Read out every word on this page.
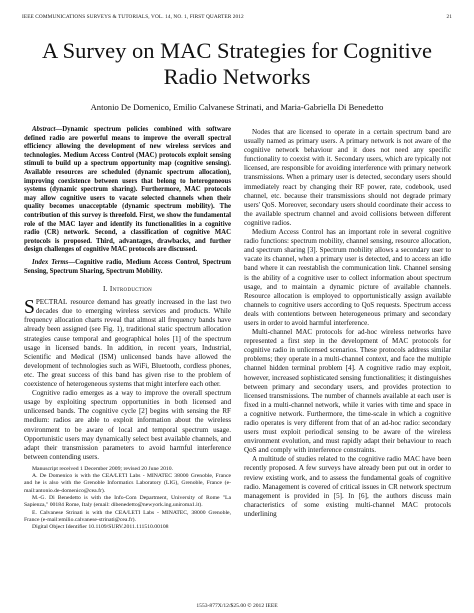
IEEE COMMUNICATIONS SURVEYS & TUTORIALS, VOL. 14, NO. 1, FIRST QUARTER 2012	21
A Survey on MAC Strategies for Cognitive
Radio Networks
Antonio De Domenico, Emilio Calvanese Strinati, and Maria-Gabriella Di Benedetto

Abstract—Dynamic spectrum policies combined with software defined radio are powerful means to improve the overall spectral efficiency allowing the development of new wireless services and technologies. Medium Access Control (MAC) protocols exploit sensing stimuli to build up a spectrum opportunity map (cognitive sensing). Available resources are scheduled (dynamic spectrum allocation), improving coexistence between users that belong to heterogeneous systems (dynamic spectrum sharing). Furthermore, MAC protocols may allow cognitive users to vacate selected channels when their quality becomes unacceptable (dynamic spectrum mobility). The contribution of this survey is threefold. First, we show the fundamental role of the MAC layer and identify its functionalities in a cognitive radio (CR) network. Second, a classification of cognitive MAC protocols is proposed. Third, advantages, drawbacks, and further design challenges of cognitive MAC protocols are discussed.

Index Terms—Cognitive radio, Medium Access Control, Spectrum Sensing, Spectrum Sharing, Spectrum Mobility.

I. Introduction

SPECTRAL resource demand has greatly increased in the last two decades due to emerging wireless services and products. While frequency allocation charts reveal that almost all frequency bands have already been assigned (see Fig. 1), traditional static spectrum allocation strategies cause temporal and geographical holes [1] of the spectrum usage in licensed bands. In addition, in recent years, Industrial, Scientific and Medical (ISM) unlicensed bands have allowed the development of technologies such as WiFi, Bluetooth, cordless phones, etc. The great success of this band has given rise to the problem of coexistence of heterogeneous systems that might interfere each other.

Cognitive radio emerges as a way to improve the overall spectrum usage by exploiting spectrum opportunities in both licensed and unlicensed bands. The cognitive cycle [2] begins with sensing the RF medium: radios are able to exploit information about the wireless environment to be aware of local and temporal spectrum usage. Opportunistic users may dynamically select best available channels, and adapt their transmission parameters to avoid harmful interference between contending users.

Manuscript received 1 December 2009; revised 20 June 2010.

A. De Domenico is with the CEA/LETI Labs - MINATEC 38000 Grenoble, France and he is also with the Grenoble Informatics Laboratory (LIG), Grenoble, France (e-mail:antonio.de-domenico@cea.fr).

M.-G. Di Benedetto is with the Info-Com Department, University of Rome "La Sapienza," 00184 Rome, Italy (email: dibenedetto@newyork.ing.uniroma1.it).

E. Calvanese Strinati is with the CEA/LETI Labs - MINATEC, 38000 Grenoble, France (e-mail:emilio.calvanese-strinati@cea.fr).

Digital Object Identifier 10.1109/SURV.2011.111510.00108

Nodes that are licensed to operate in a certain spectrum band are usually named as primary users. A primary network is not aware of the cognitive network behaviour and it does not need any specific functionality to coexist with it. Secondary users, which are typically not licensed, are responsible for avoiding interference with primary network transmissions. When a primary user is detected, secondary users should immediately react by changing their RF power, rate, codebook, used channel, etc. because their transmissions should not degrade primary users' QoS. Moreover, secondary users should coordinate their access to the available spectrum channel and avoid collisions between different cognitive radios.

Medium Access Control has an important role in several cognitive radio functions: spectrum mobility, channel sensing, resource allocation, and spectrum sharing [3]. Spectrum mobility allows a secondary user to vacate its channel, when a primary user is detected, and to access an idle band where it can reestablish the communication link. Channel sensing is the ability of a cognitive user to collect information about spectrum usage, and to maintain a dynamic picture of available channels. Resource allocation is employed to opportunistically assign available channels to cognitive users according to QoS requests. Spectrum access deals with contentions between heterogeneous primary and secondary users in order to avoid harmful interference.

Multi-channel MAC protocols for ad-hoc wireless networks have represented a first step in the development of MAC protocols for cognitive radio in unlicensed scenarios. These protocols address similar problems; they operate in a multi-channel context, and face the multiple channel hidden terminal problem [4]. A cognitive radio may exploit, however, increased sophisticated sensing functionalities; it distinguishes between primary and secondary users, and provides protection to licensed transmissions. The number of channels available at each user is fixed in a multi-channel network, while it varies with time and space in a cognitive network. Furthermore, the time-scale in which a cognitive radio operates is very different from that of an ad-hoc radio: secondary users must exploit periodical sensing to be aware of the wireless environment evolution, and must rapidly adapt their behaviour to reach QoS and comply with interference constraints.

A multitude of studies related to the cognitive radio MAC have been recently proposed. A few surveys have already been put out in order to review existing work, and to assess the fundamental goals of cognitive radio. Management is covered of critical issues in CR network spectrum management is provided in [5]. In [6], the authors discuss main characteristics of some existing multi-channel MAC protocols underlining

1553-877X/12/$25.00 © 2012 IEEE
